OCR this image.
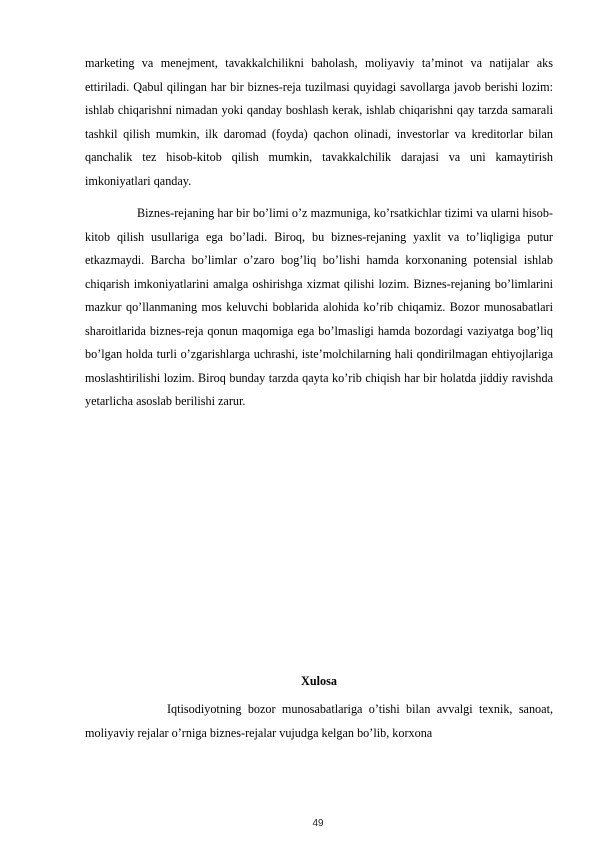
marketing va menejment, tavakkalchilikni baholash, moliyaviy ta’minot va natijalar aks ettiriladi. Qabul qilingan har bir biznes-reja tuzilmasi quyidagi savollarga javob berishi lozim: ishlab chiqarishni nimadan yoki qanday boshlash kerak, ishlab chiqarishni qay tarzda samarali tashkil qilish mumkin, ilk daromad (foyda) qachon olinadi, investorlar va kreditorlar bilan qanchalik tez hisob-kitob qilish mumkin, tavakkalchilik darajasi va uni kamaytirish imkoniyatlari qanday.

Biznes-rejaning har bir bo’limi o’z mazmuniga, ko’rsatkichlar tizimi va ularni hisob-kitob qilish usullariga ega bo’ladi. Biroq, bu biznes-rejaning yaxlit va to’liqligiga putur etkazmaydi. Barcha bo’limlar o’zaro bog’liq bo’lishi hamda korxonaning potensial ishlab chiqarish imkoniyatlarini amalga oshirishga xizmat qilishi lozim. Biznes-rejaning bo’limlarini mazkur qo’llanmaning mos keluvchi boblarida alohida ko’rib chiqamiz. Bozor munosabatlari sharoitlarida biznes-reja qonun maqomiga ega bo’lmasligi hamda bozordagi vaziyatga bog’liq bo’lgan holda turli o’zgarishlarga uchrashi, iste’molchilarning hali qondirilmagan ehtiyojlariga moslashtirilishi lozim. Biroq bunday tarzda qayta ko’rib chiqish har bir holatda jiddiy ravishda yetarlicha asoslab berilishi zarur.

Xulosa

Iqtisodiyotning bozor munosabatlariga o’tishi bilan avvalgi texnik, sanoat, moliyaviy rejalar o’rniga biznes-rejalar vujudga kelgan bo’lib, korxona

49
